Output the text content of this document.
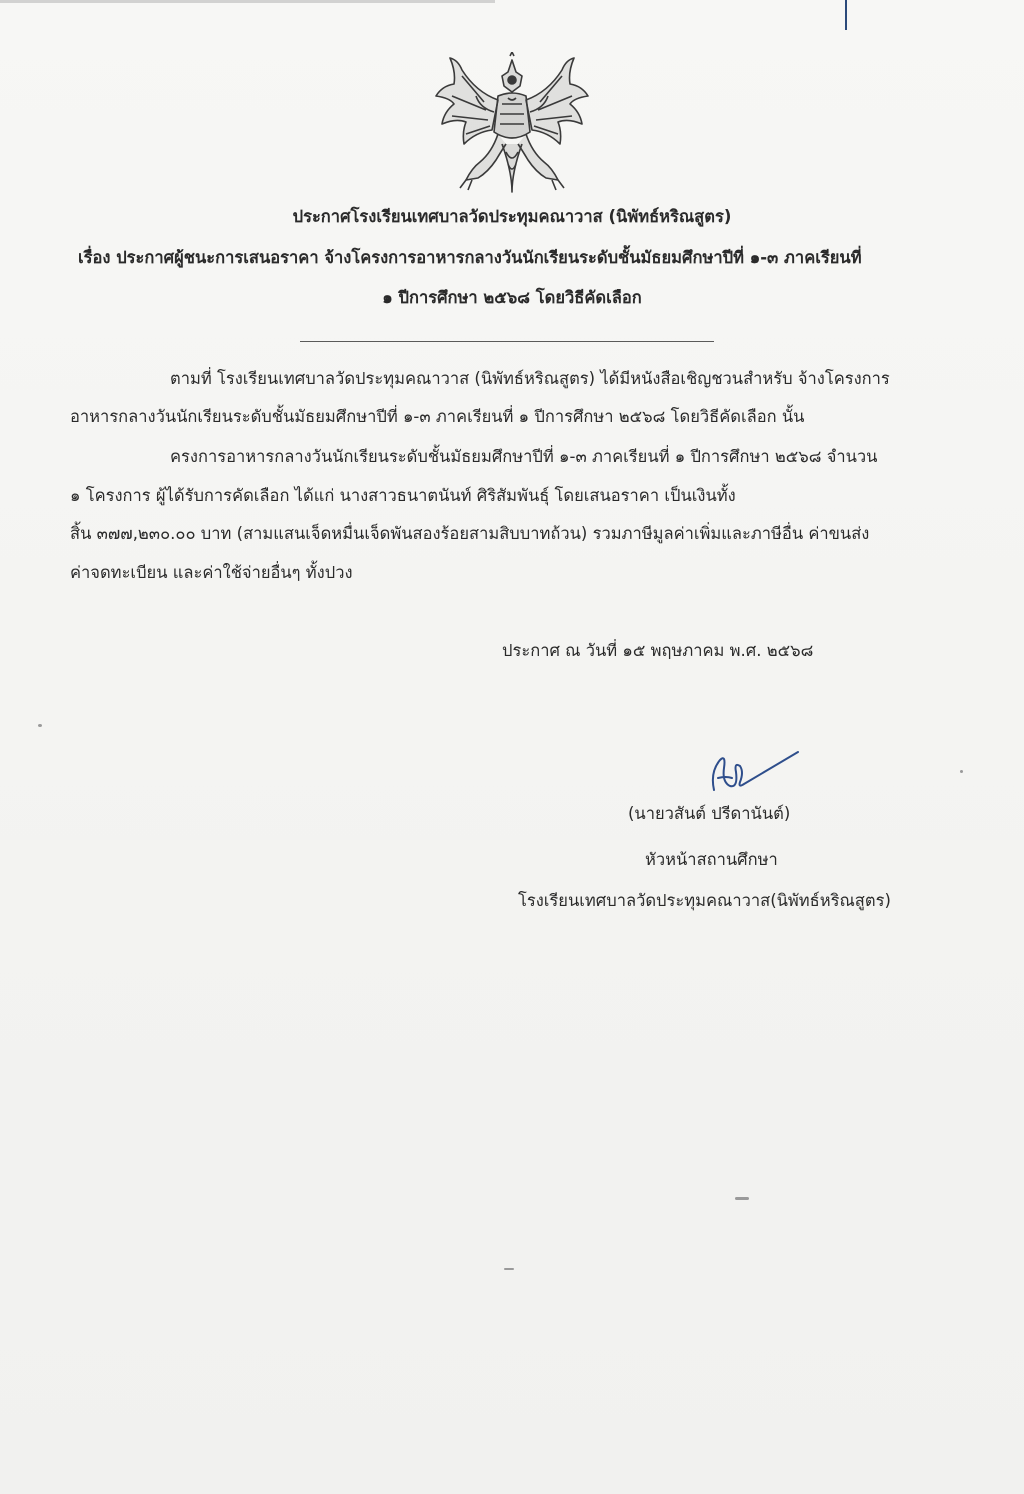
ประกาศโรงเรียนเทศบาลวัดประทุมคณาวาส (นิพัทธ์หริณสูตร)
เรื่อง ประกาศผู้ชนะการเสนอราคา จ้างโครงการอาหารกลางวันนักเรียนระดับชั้นมัธยมศึกษาปีที่ ๑-๓ ภาคเรียนที่
๑ ปีการศึกษา ๒๕๖๘ โดยวิธีคัดเลือก
ตามที่ โรงเรียนเทศบาลวัดประทุมคณาวาส (นิพัทธ์หริณสูตร) ได้มีหนังสือเชิญชวนสำหรับ จ้างโครงการ
อาหารกลางวันนักเรียนระดับชั้นมัธยมศึกษาปีที่ ๑-๓ ภาคเรียนที่ ๑ ปีการศึกษา ๒๕๖๘ โดยวิธีคัดเลือก นั้น
ครงการอาหารกลางวันนักเรียนระดับชั้นมัธยมศึกษาปีที่ ๑-๓ ภาคเรียนที่ ๑ ปีการศึกษา ๒๕๖๘ จำนวน
๑ โครงการ ผู้ได้รับการคัดเลือก ได้แก่ นางสาวธนาตนันท์ ศิริสัมพันธุ์ โดยเสนอราคา เป็นเงินทั้ง
สิ้น ๓๗๗,๒๓๐.๐๐ บาท (สามแสนเจ็ดหมื่นเจ็ดพันสองร้อยสามสิบบาทถ้วน) รวมภาษีมูลค่าเพิ่มและภาษีอื่น ค่าขนส่ง
ค่าจดทะเบียน และค่าใช้จ่ายอื่นๆ ทั้งปวง
ประกาศ ณ วันที่ ๑๕ พฤษภาคม พ.ศ. ๒๕๖๘
(นายวสันต์ ปรีดานันต์)
หัวหน้าสถานศึกษา
โรงเรียนเทศบาลวัดประทุมคณาวาส(นิพัทธ์หริณสูตร)
